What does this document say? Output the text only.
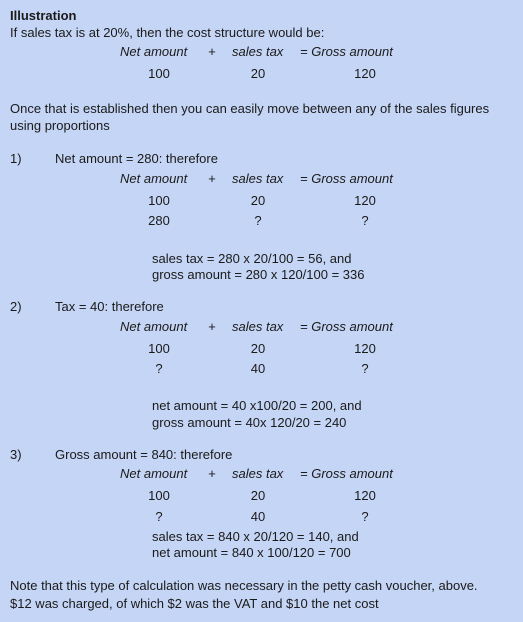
Illustration
If sales tax is at 20%, then the cost structure would be:
Net amount + sales tax = Gross amount
100	20	120
Once that is established then you can easily move between any of the sales figures
using proportions
1)	Net amount = 280: therefore
Net amount + sales tax = Gross amount
100	20	120
280	?	?
sales tax = 280 x 20/100 = 56, and
gross amount = 280 x 120/100 = 336
2)	Tax = 40: therefore
Net amount + sales tax = Gross amount
100	20	120
?	40	?
net amount = 40 x100/20 = 200, and
gross amount = 40x 120/20 = 240
3)	Gross amount = 840: therefore
Net amount + sales tax = Gross amount
100	20	120
?	40	?
sales tax = 840 x 20/120 = 140, and
net amount = 840 x 100/120 = 700
Note that this type of calculation was necessary in the petty cash voucher, above.
$12 was charged, of which $2 was the VAT and $10 the net cost
